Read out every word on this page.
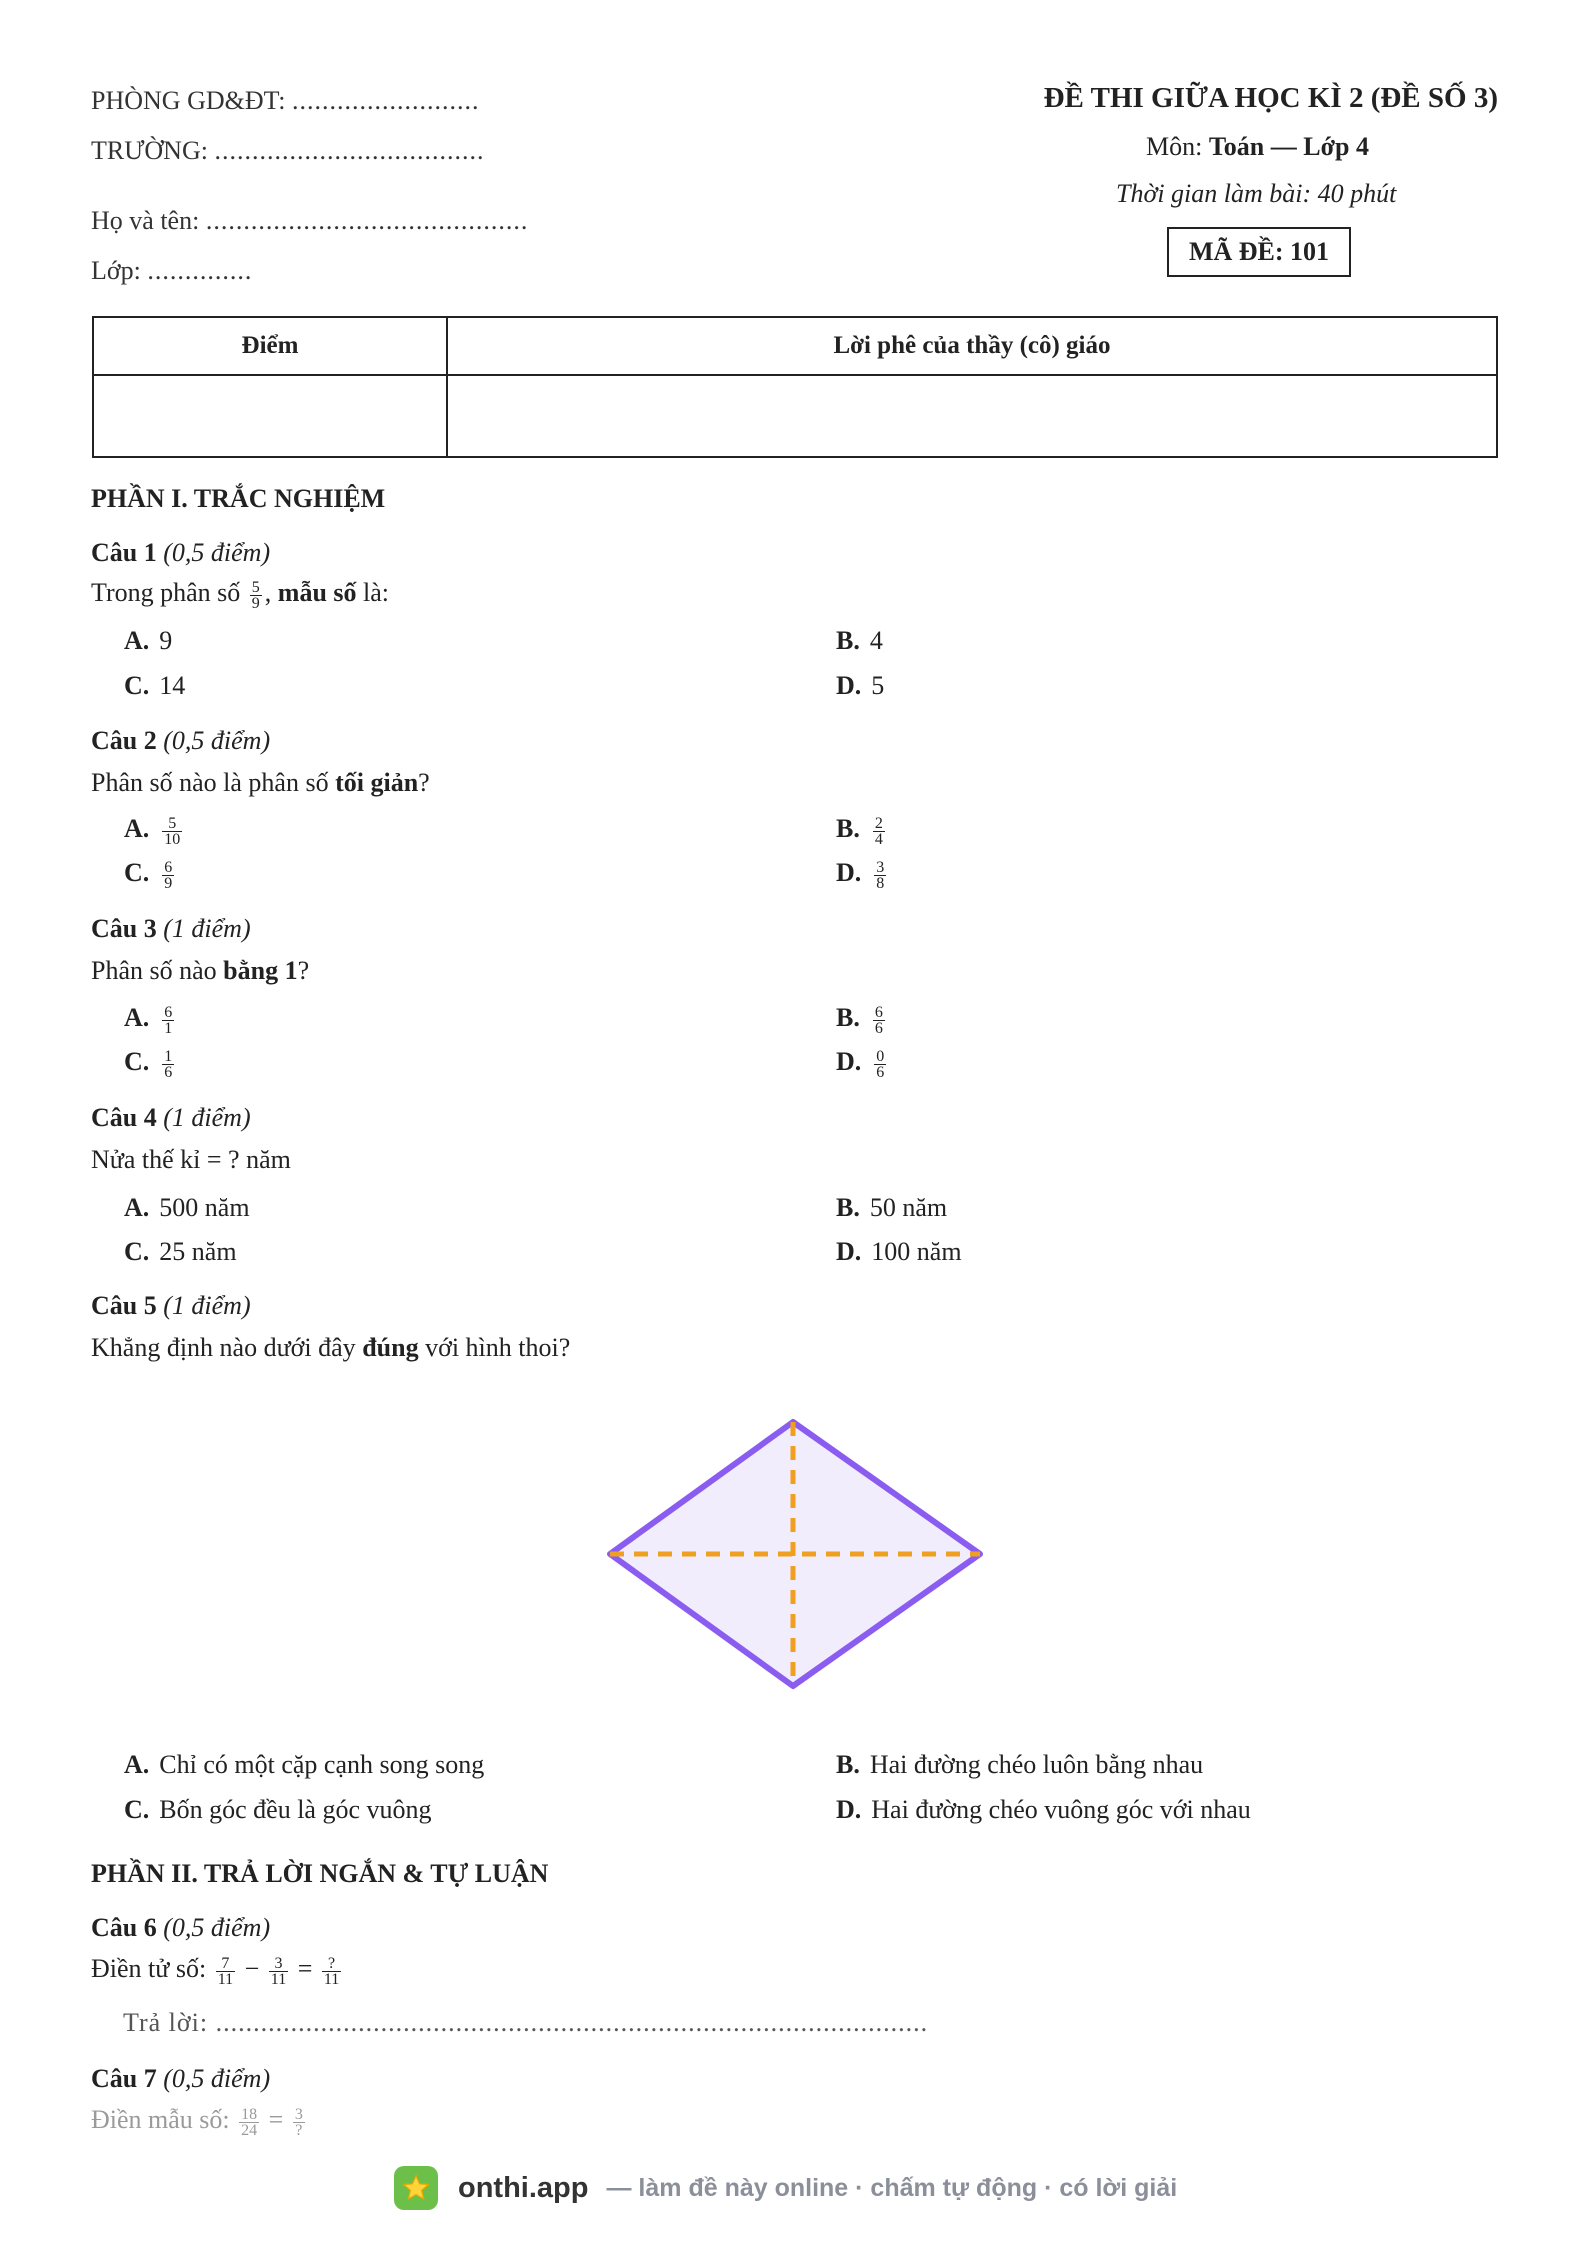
PHÒNG GD&ĐT: .........................
TRƯỜNG: ....................................
Họ và tên: ...........................................
Lớp: ..............
ĐỀ THI GIỮA HỌC KÌ 2 (ĐỀ SỐ 3)
Môn: Toán — Lớp 4
Thời gian làm bài: 40 phút
MÃ ĐỀ: 101
Điểm	Lời phê của thầy (cô) giáo

PHẦN I. TRẮC NGHIỆM
Câu 1 (0,5 điểm)
Trong phân số $\frac{5}{9}$ , mẫu số là:
A. 9	B. 4
C. 14	D. 5
Câu 2 (0,5 điểm)
Phân số nào là phân số tối giản?
A. $\frac{5}{10}$	B. $\frac{2}{4}$
C. $\frac{6}{9}$	D. $\frac{3}{8}$
Câu 3 (1 điểm)
Phân số nào bằng 1?
A. $\frac{6}{1}$	B. $\frac{6}{6}$
C. $\frac{1}{6}$	D. $\frac{0}{6}$
Câu 4 (1 điểm)
Nửa thế kỉ = ? năm
A. 500 năm	B. 50 năm
C. 25 năm	D. 100 năm
Câu 5 (1 điểm)
Khẳng định nào dưới đây đúng với hình thoi?
A. Chỉ có một cặp cạnh song song	B. Hai đường chéo luôn bằng nhau
C. Bốn góc đều là góc vuông	D. Hai đường chéo vuông góc với nhau
PHẦN II. TRẢ LỜI NGẮN & TỰ LUẬN
Câu 6 (0,5 điểm)
Điền tử số: $\frac{7}{11} - \frac{3}{11} = \frac{?}{11}$
Trả lời: ...............................................................................................
Câu 7 (0,5 điểm)
Điền mẫu số: $\frac{18}{24} = \frac{3}{?}$
onthi.app — làm đề này online · chấm tự động · có lời giải
